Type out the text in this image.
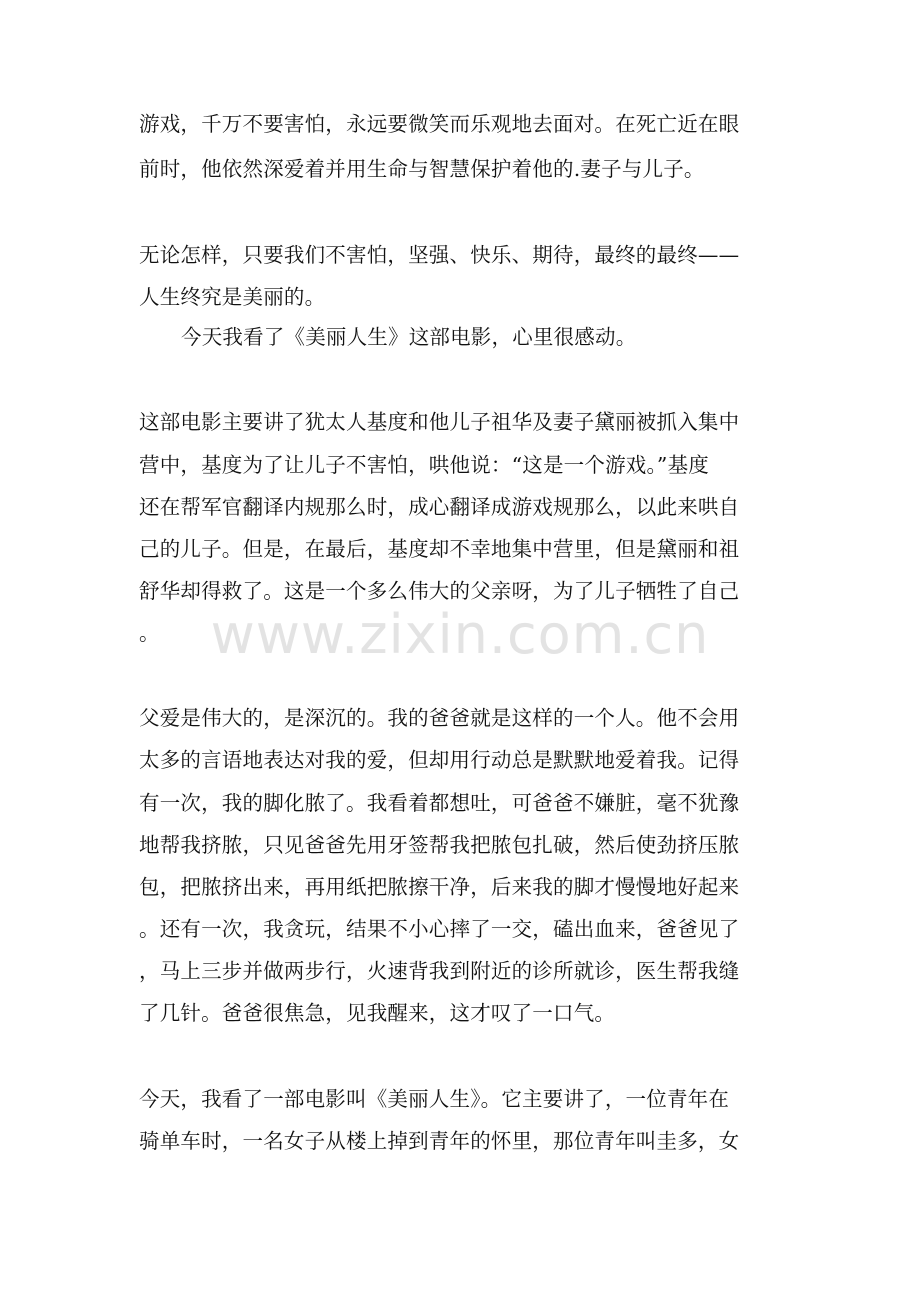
www.zixin.com.cn
游戏，千万不要害怕，永远要微笑而乐观地去面对。在死亡近在眼
前时，他依然深爱着并用生命与智慧保护着他的.妻子与儿子。
无论怎样，只要我们不害怕，坚强、快乐、期待，最终的最终——
人生终究是美丽的。
今天我看了《美丽人生》这部电影，心里很感动。
这部电影主要讲了犹太人基度和他儿子祖华及妻子黛丽被抓入集中
营中，基度为了让儿子不害怕，哄他说：“这是一个游戏。”基度
还在帮军官翻译内规那么时，成心翻译成游戏规那么，以此来哄自
己的儿子。但是，在最后，基度却不幸地集中营里，但是黛丽和祖
舒华却得救了。这是一个多么伟大的父亲呀，为了儿子牺牲了自己
。
父爱是伟大的，是深沉的。我的爸爸就是这样的一个人。他不会用
太多的言语地表达对我的爱，但却用行动总是默默地爱着我。记得
有一次，我的脚化脓了。我看着都想吐，可爸爸不嫌脏，毫不犹豫
地帮我挤脓，只见爸爸先用牙签帮我把脓包扎破，然后使劲挤压脓
包，把脓挤出来，再用纸把脓擦干净，后来我的脚才慢慢地好起来
。还有一次，我贪玩，结果不小心摔了一交，磕出血来，爸爸见了
，马上三步并做两步行，火速背我到附近的诊所就诊，医生帮我缝
了几针。爸爸很焦急，见我醒来，这才叹了一口气。
今天，我看了一部电影叫《美丽人生》。它主要讲了，一位青年在
骑单车时，一名女子从楼上掉到青年的怀里，那位青年叫圭多，女
